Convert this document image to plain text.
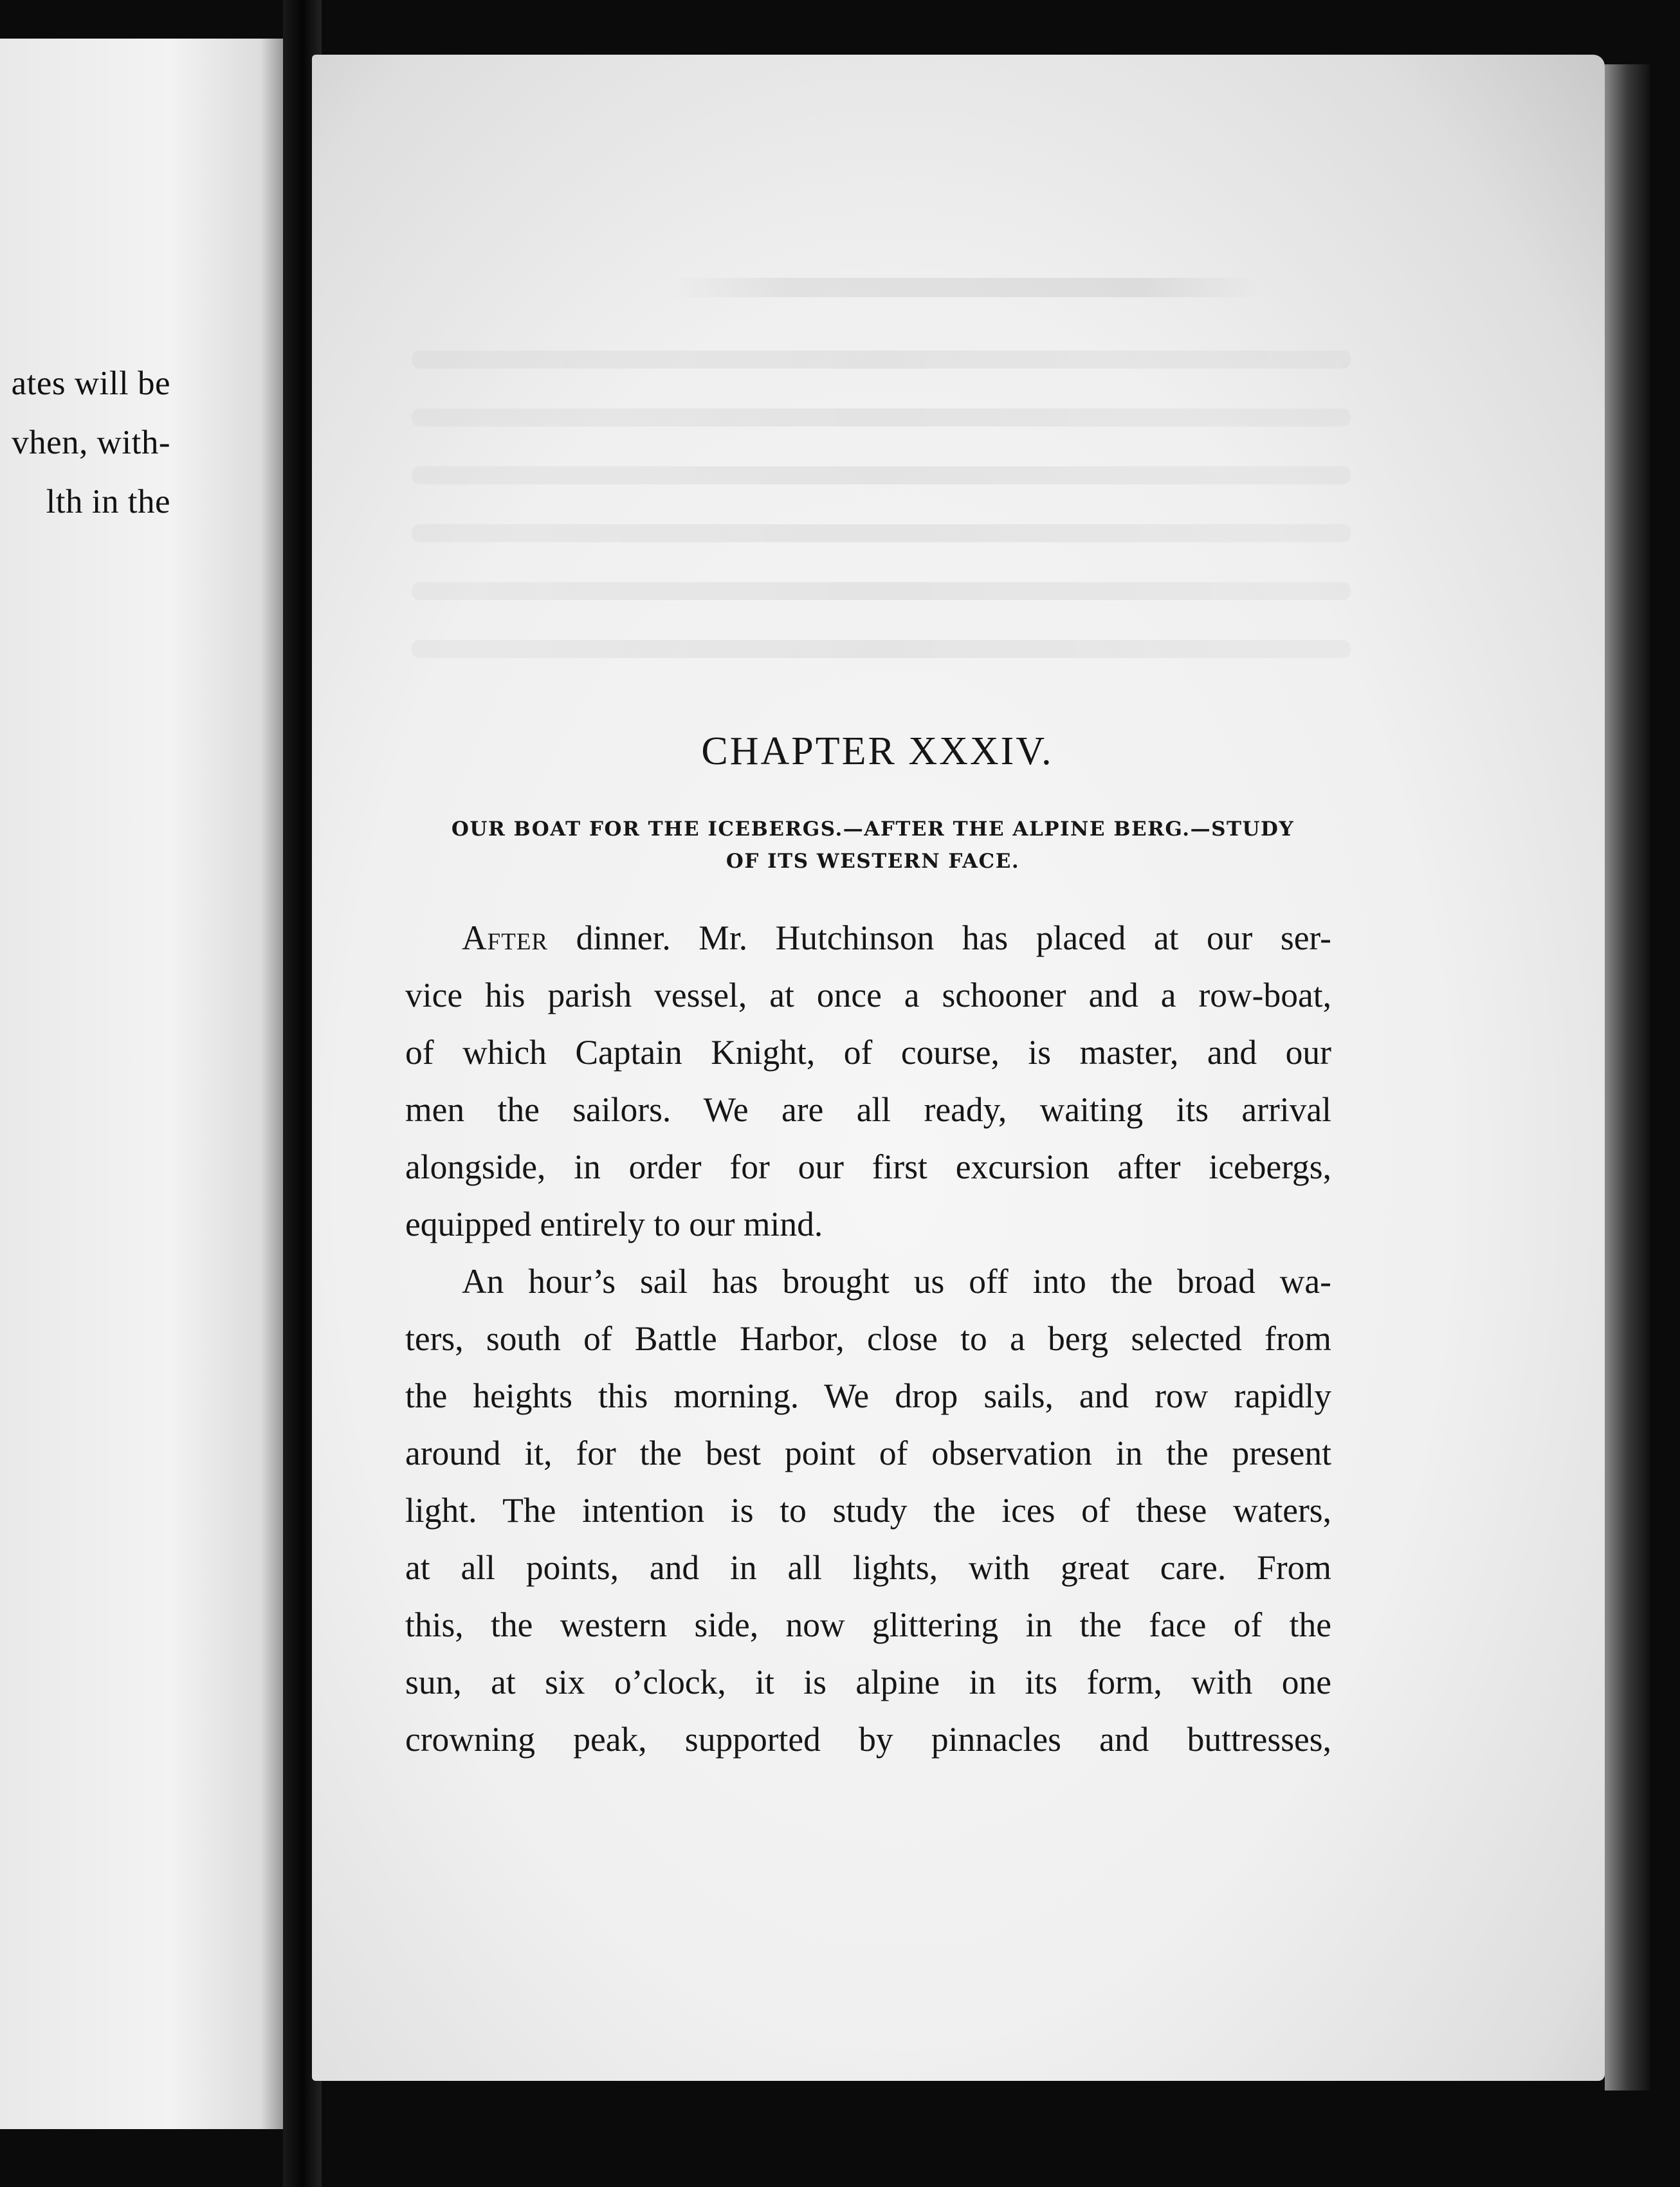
ates will be
vhen, with-
lth in the
CHAPTER XXXIV.
OUR BOAT FOR THE ICEBERGS.—AFTER THE ALPINE BERG.—STUDY
OF ITS WESTERN FACE.

After dinner. Mr. Hutchinson has placed at our ser-
vice his parish vessel, at once a schooner and a row-boat,
of which Captain Knight, of course, is master, and our
men the sailors. We are all ready, waiting its arrival
alongside, in order for our first excursion after icebergs,
equipped entirely to our mind.

An hour’s sail has brought us off into the broad wa-
ters, south of Battle Harbor, close to a berg selected from
the heights this morning. We drop sails, and row rapidly
around it, for the best point of observation in the present
light. The intention is to study the ices of these waters,
at all points, and in all lights, with great care. From
this, the western side, now glittering in the face of the
sun, at six o’clock, it is alpine in its form, with one
crowning peak, supported by pinnacles and buttresses,
